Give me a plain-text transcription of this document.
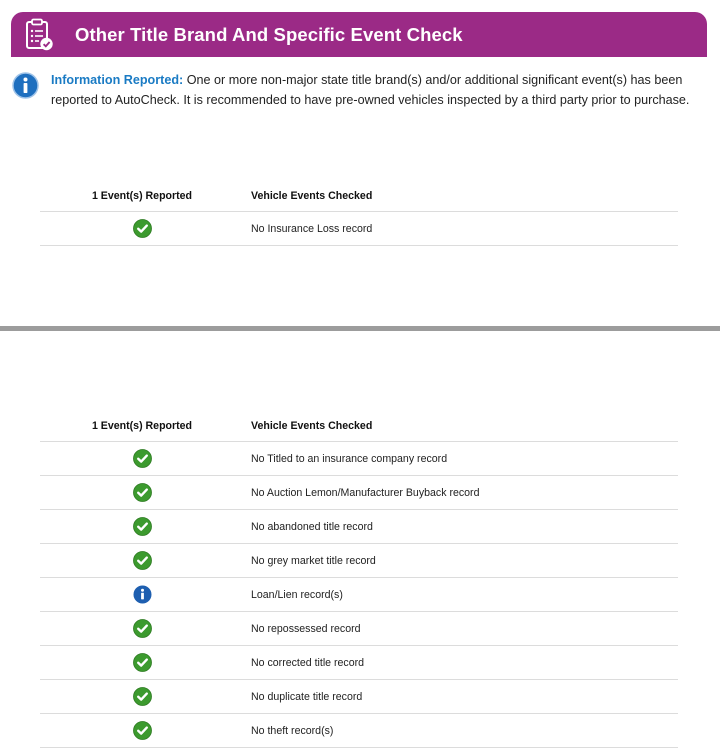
Other Title Brand And Specific Event Check
Information Reported: One or more non-major state title brand(s) and/or additional significant event(s) has been reported to AutoCheck. It is recommended to have pre-owned vehicles inspected by a third party prior to purchase.
1 Event(s) Reported	Vehicle Events Checked
	No Insurance Loss record
1 Event(s) Reported	Vehicle Events Checked
	No Titled to an insurance company record
	No Auction Lemon/Manufacturer Buyback record
	No abandoned title record
	No grey market title record
	Loan/Lien record(s)
	No repossessed record
	No corrected title record
	No duplicate title record
	No theft record(s)
